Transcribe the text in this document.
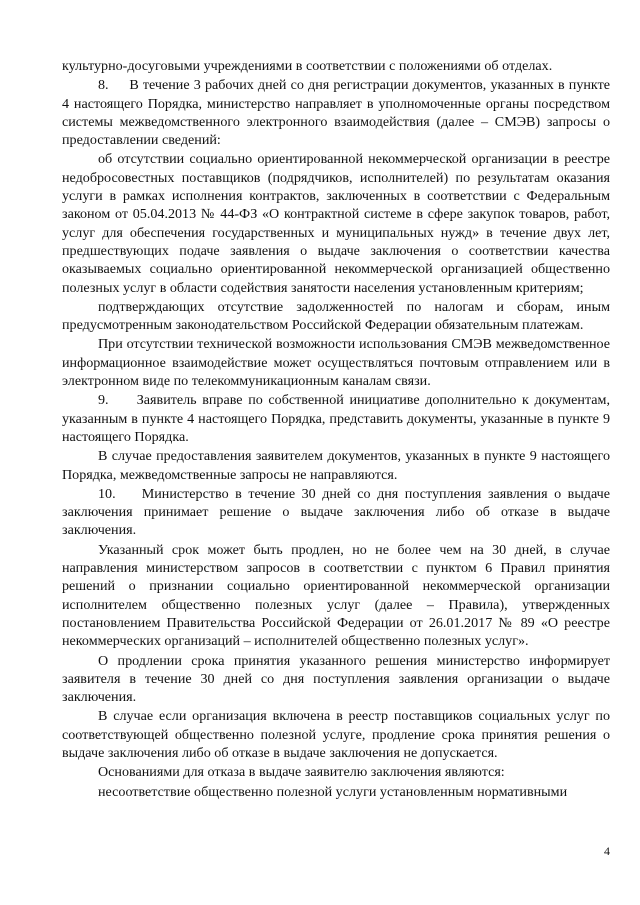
культурно-досуговыми учреждениями в соответствии с положениями об отделах.

8.     В течение 3 рабочих дней со дня регистрации документов, указанных в пункте 4 настоящего Порядка, министерство направляет в уполномоченные органы посредством системы межведомственного электронного взаимодействия (далее – СМЭВ) запросы о предоставлении сведений:

об отсутствии социально ориентированной некоммерческой организации в реестре недобросовестных поставщиков (подрядчиков, исполнителей) по результатам оказания услуги в рамках исполнения контрактов, заключенных в соответствии с Федеральным законом от 05.04.2013 № 44-ФЗ «О контрактной системе в сфере закупок товаров, работ, услуг для обеспечения государственных и муниципальных нужд» в течение двух лет, предшествующих подаче заявления о выдаче заключения о соответствии качества оказываемых социально ориентированной некоммерческой организацией общественно полезных услуг в области содействия занятости населения установленным критериям;

подтверждающих отсутствие задолженностей по налогам и сборам, иным предусмотренным законодательством Российской Федерации обязательным платежам.

При отсутствии технической возможности использования СМЭВ межведомственное информационное взаимодействие может осуществляться почтовым отправлением или в электронном виде по телекоммуникационным каналам связи.

9.     Заявитель вправе по собственной инициативе дополнительно к документам, указанным в пункте 4 настоящего Порядка, представить документы, указанные в пункте 9 настоящего Порядка.

В случае предоставления заявителем документов, указанных в пункте 9 настоящего Порядка, межведомственные запросы не направляются.

10.    Министерство в течение 30 дней со дня поступления заявления о выдаче заключения принимает решение о выдаче заключения либо об отказе в выдаче заключения.

Указанный срок может быть продлен, но не более чем на 30 дней, в случае направления министерством запросов в соответствии с пунктом 6 Правил принятия решений о признании социально ориентированной некоммерческой организации исполнителем общественно полезных услуг (далее – Правила), утвержденных постановлением Правительства Российской Федерации от 26.01.2017 № 89 «О реестре некоммерческих организаций – исполнителей общественно полезных услуг».

О продлении срока принятия указанного решения министерство информирует заявителя в течение 30 дней со дня поступления заявления организации о выдаче заключения.

В случае если организация включена в реестр поставщиков социальных услуг по соответствующей общественно полезной услуге, продление срока принятия решения о выдаче заключения либо об отказе в выдаче заключения не допускается.

Основаниями для отказа в выдаче заявителю заключения являются:

несоответствие общественно полезной услуги установленным нормативными

4
